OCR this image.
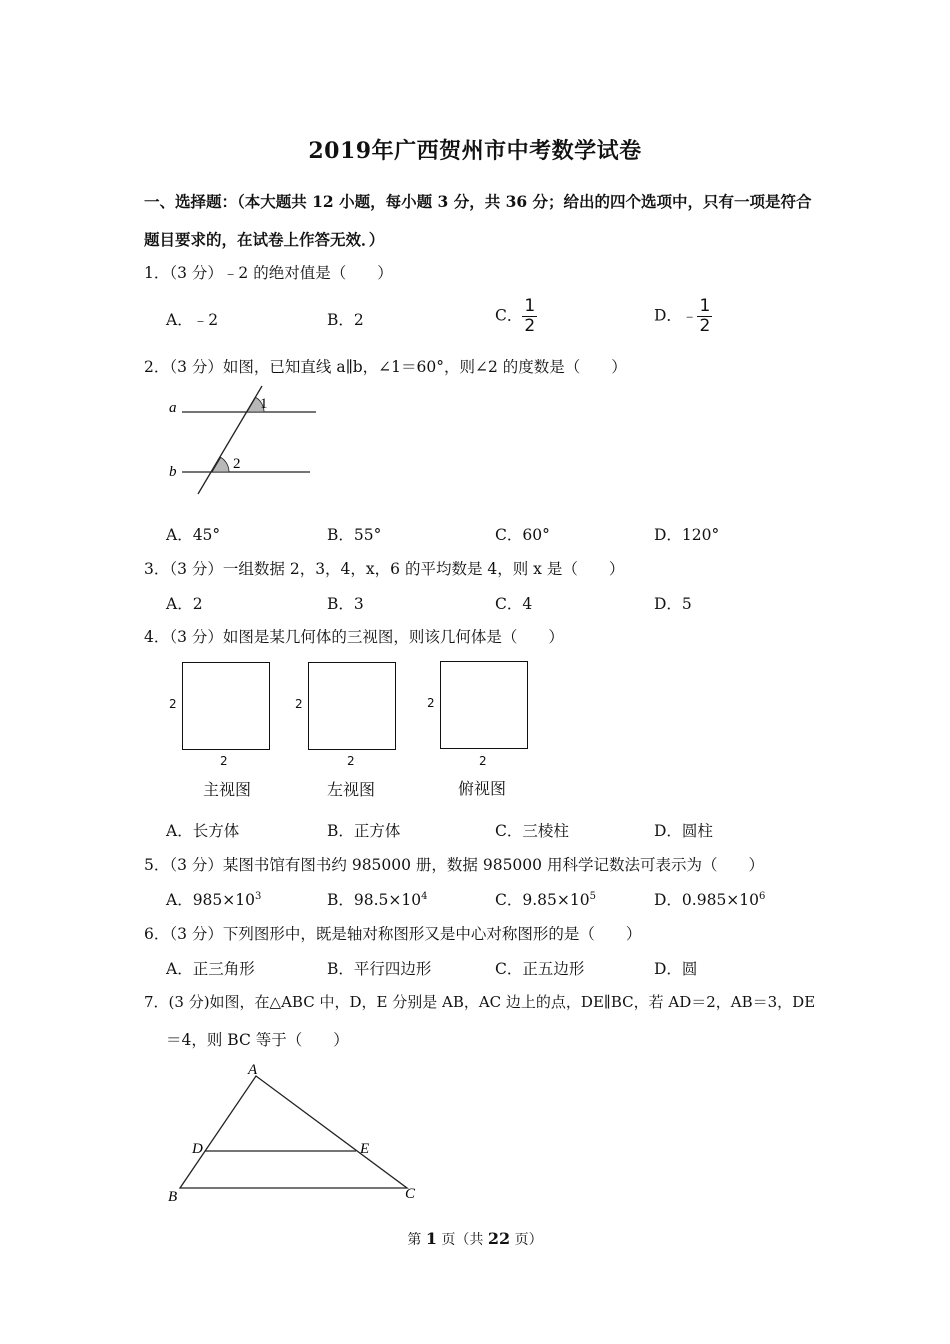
2019年广西贺州市中考数学试卷
一、选择题：（本大题共 12 小题，每小题 3 分，共 36 分；给出的四个选项中，只有一项是符合
题目要求的，在试卷上作答无效．）
1．（3 分）﹣2 的绝对值是（　　）
A．﹣2	B．2	C． $\frac{1}{2}$	D．﹣ $\frac{1}{2}$
2．（3 分）如图，已知直线 a∥b，∠1＝60°，则∠2 的度数是（　　）
a
b
1
2
A．45°	B．55°	C．60°	D．120°
3．（3 分）一组数据 2，3，4，x，6 的平均数是 4，则 x 是（　　）
A．2	B．3	C．4	D．5
4．（3 分）如图是某几何体的三视图，则该几何体是（　　）
2
2
主视图
2
2
左视图
2
2
俯视图
A．长方体	B．正方体	C．三棱柱	D．圆柱
5．（3 分）某图书馆有图书约 985000 册，数据 985000 用科学记数法可表示为（　　）
A．$985\times 10^3$	B．$98.5\times 10^4$	C．$9.85\times 10^5$	D．$0.985\times 10^6$
6．（3 分）下列图形中，既是轴对称图形又是中心对称图形的是（　　）
A．正三角形	B．平行四边形	C．正五边形	D．圆
7．(3 分)如图，在△ABC 中，D，E 分别是 AB，AC 边上的点，DE∥BC，若 AD＝2，AB＝3，DE
＝4，则 BC 等于（　　）
A
B	C
D	E
第 1 页（共 22 页）
